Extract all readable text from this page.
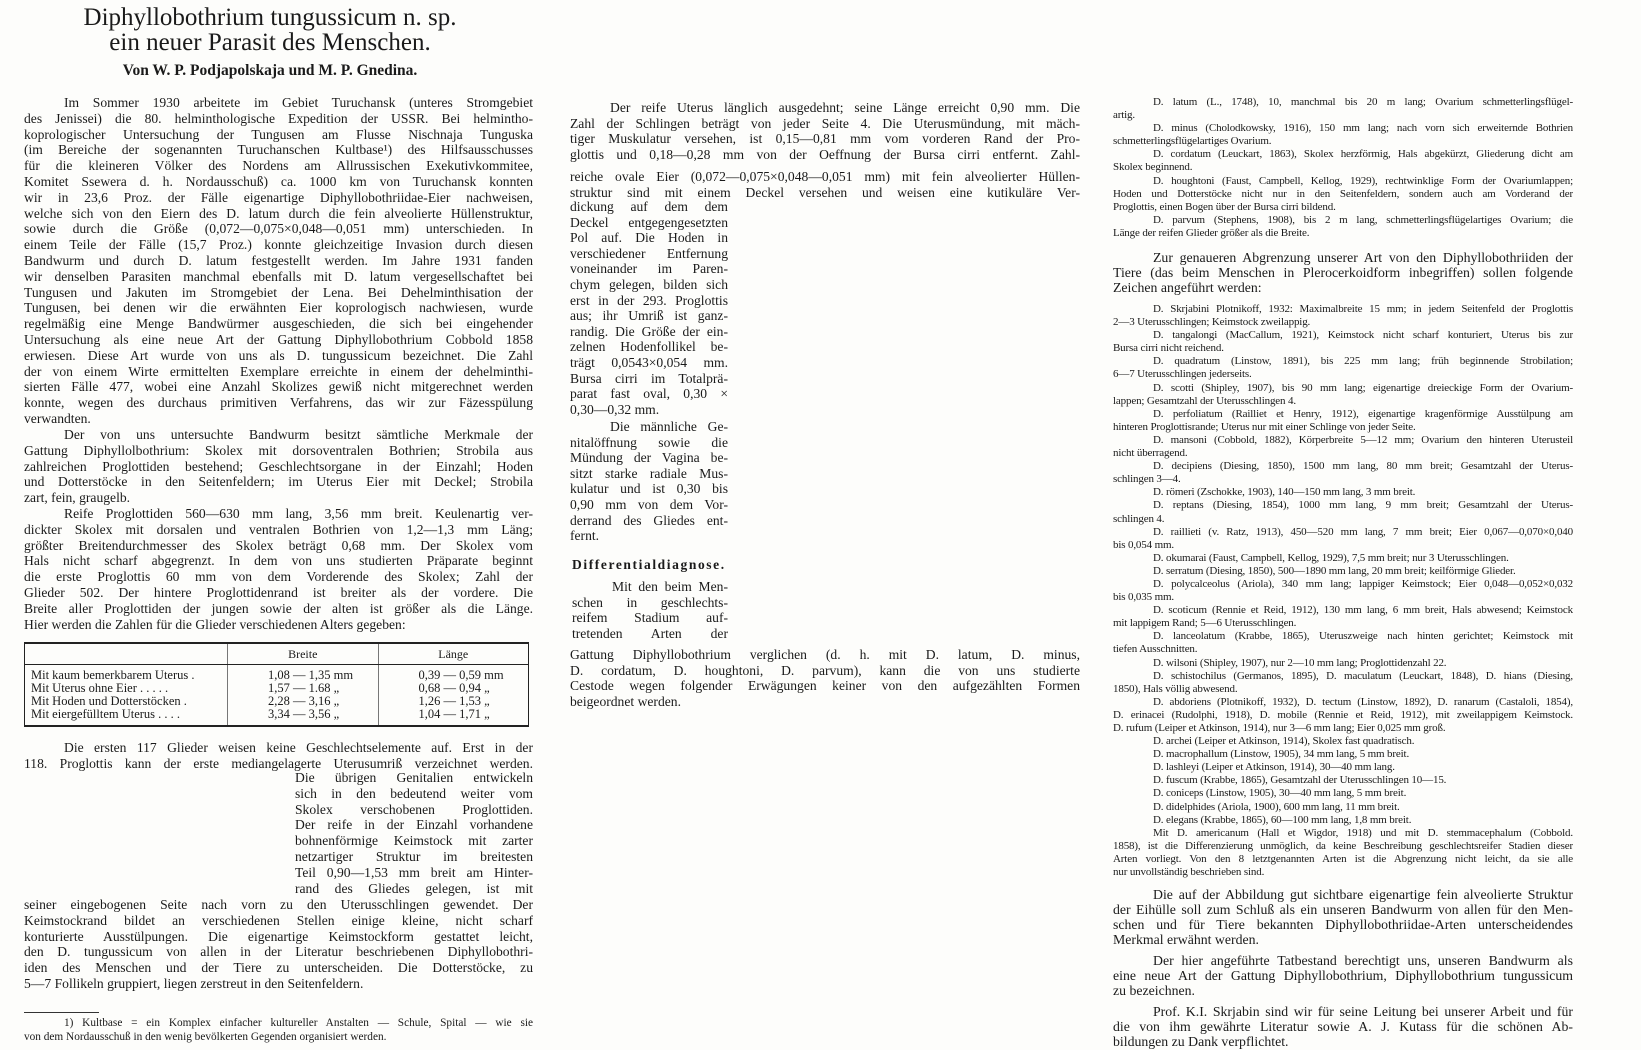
Diphyllobothrium tungussicum n. sp.
ein neuer Parasit des Menschen.
Von W. P. Podjapolskaja und M. P. Gnedina.
Im Sommer 1930 arbeitete im Gebiet Turuchansk (unteres Stromgebiet
des Jenissei) die 80. helminthologische Expedition der USSR. Bei helmintho-
koprologischer Untersuchung der Tungusen am Flusse Nischnaja Tunguska
(im Bereiche der sogenannten Turuchanschen Kultbase¹) des Hilfsausschusses
für die kleineren Völker des Nordens am Allrussischen Exekutivkommitee,
Komitet Ssewera d. h. Nordausschuß) ca. 1000 km von Turuchansk konnten
wir in 23,6 Proz. der Fälle eigenartige Diphyllobothriidae-Eier nachweisen,
welche sich von den Eiern des D. latum durch die fein alveolierte Hüllenstruktur,
sowie durch die Größe (0,072—0,075×0,048—0,051 mm) unterschieden. In
einem Teile der Fälle (15,7 Proz.) konnte gleichzeitige Invasion durch diesen
Bandwurm und durch D. latum festgestellt werden. Im Jahre 1931 fanden
wir denselben Parasiten manchmal ebenfalls mit D. latum vergesellschaftet bei
Tungusen und Jakuten im Stromgebiet der Lena. Bei Dehelminthisation der
Tungusen, bei denen wir die erwähnten Eier koprologisch nachwiesen, wurde
regelmäßig eine Menge Bandwürmer ausgeschieden, die sich bei eingehender
Untersuchung als eine neue Art der Gattung Diphyllobothrium Cobbold 1858
erwiesen. Diese Art wurde von uns als D. tungussicum bezeichnet. Die Zahl
der von einem Wirte ermittelten Exemplare erreichte in einem der dehelminthi-
sierten Fälle 477, wobei eine Anzahl Skolizes gewiß nicht mitgerechnet werden
konnte, wegen des durchaus primitiven Verfahrens, das wir zur Fäzesspülung
verwandten.
Der von uns untersuchte Bandwurm besitzt sämtliche Merkmale der
Gattung Diphyllolbothrium: Skolex mit dorsoventralen Bothrien; Strobila aus
zahlreichen Proglottiden bestehend; Geschlechtsorgane in der Einzahl; Hoden
und Dotterstöcke in den Seitenfeldern; im Uterus Eier mit Deckel; Strobila
zart, fein, graugelb.
Reife Proglottiden 560—630 mm lang, 3,56 mm breit. Keulenartig ver-
dickter Skolex mit dorsalen und ventralen Bothrien von 1,2—1,3 mm Läng;
größter Breitendurchmesser des Skolex beträgt 0,68 mm. Der Skolex vom
Hals nicht scharf abgegrenzt. In dem von uns studierten Präparate beginnt
die erste Proglottis 60 mm von dem Vorderende des Skolex; Zahl der
Glieder 502. Der hintere Proglottidenrand ist breiter als der vordere. Die
Breite aller Proglottiden der jungen sowie der alten ist größer als die Länge.
Hier werden die Zahlen für die Glieder verschiedenen Alters gegeben:
	Breite	Länge
Mit kaum bemerkbarem Uterus .	1,08 — 1,35 mm	0,39 — 0,59 mm
Mit Uterus ohne Eier . . . . .	1,57 — 1.68 „	0,68 — 0,94 „
Mit Hoden und Dotterstöcken .	2,28 — 3,16 „	1,26 — 1,53 „
Mit eiergefülltem Uterus . . . .	3,34 — 3,56 „	1,04 — 1,71 „
Die ersten 117 Glieder weisen keine Geschlechtselemente auf. Erst in der
118. Proglottis kann der erste mediangelagerte Uterusumriß verzeichnet werden.
Die übrigen Genitalien entwickeln
sich in den bedeutend weiter vom
Skolex verschobenen Proglottiden.
Der reife in der Einzahl vorhandene
bohnenförmige Keimstock mit zarter
netzartiger Struktur im breitesten
Teil 0,90—1,53 mm breit am Hinter-
rand des Gliedes gelegen, ist mit
seiner eingebogenen Seite nach vorn zu den Uterusschlingen gewendet. Der
Keimstockrand bildet an verschiedenen Stellen einige kleine, nicht scharf
konturierte Ausstülpungen. Die eigenartige Keimstockform gestattet leicht,
den D. tungussicum von allen in der Literatur beschriebenen Diphyllobothri-
iden des Menschen und der Tiere zu unterscheiden. Die Dotterstöcke, zu
5—7 Follikeln gruppiert, liegen zerstreut in den Seitenfeldern.
1) Kultbase = ein Komplex einfacher kultureller Anstalten — Schule, Spital — wie sie
von dem Nordausschuß in den wenig bevölkerten Gegenden organisiert werden.
Der reife Uterus länglich ausgedehnt; seine Länge erreicht 0,90 mm. Die
Zahl der Schlingen beträgt von jeder Seite 4. Die Uterusmündung, mit mäch-
tiger Muskulatur versehen, ist 0,15—0,81 mm vom vorderen Rand der Pro-
glottis und 0,18—0,28 mm von der Oeffnung der Bursa cirri entfernt. Zahl-
reiche ovale Eier (0,072—0,075×0,048—0,051 mm) mit fein alveolierter Hüllen-
struktur sind mit einem Deckel versehen und weisen eine kutikuläre Ver-
dickung auf dem dem
Deckel entgegengesetzten
Pol auf. Die Hoden in
verschiedener Entfernung
voneinander im Paren-
chym gelegen, bilden sich
erst in der 293. Proglottis
aus; ihr Umriß ist ganz-
randig. Die Größe der ein-
zelnen Hodenfollikel be-
trägt 0,0543×0,054 mm.
Bursa cirri im Totalprä-
parat fast oval, 0,30 ×
0,30—0,32 mm.
Die männliche Ge-
nitalöffnung sowie die
Mündung der Vagina be-
sitzt starke radiale Mus-
kulatur und ist 0,30 bis
0,90 mm von dem Vor-
derrand des Gliedes ent-
fernt.
Differentialdiagnose.
Mit den beim Men-
schen in geschlechts-
reifem Stadium auf-
tretenden Arten der
Gattung Diphyllobothrium verglichen (d. h. mit D. latum, D. minus,
D. cordatum, D. houghtoni, D. parvum), kann die von uns studierte
Cestode wegen folgender Erwägungen keiner von den aufgezählten Formen
beigeordnet werden.
D. latum (L., 1748), 10, manchmal bis 20 m lang; Ovarium schmetterlingsflügel-
artig.
D. minus (Cholodkowsky, 1916), 150 mm lang; nach vorn sich erweiternde Bothrien
schmetterlingsflügelartiges Ovarium.
D. cordatum (Leuckart, 1863), Skolex herzförmig, Hals abgekürzt, Gliederung dicht am
Skolex beginnend.
D. houghtoni (Faust, Campbell, Kellog, 1929), rechtwinklige Form der Ovariumlappen;
Hoden und Dotterstöcke nicht nur in den Seitenfeldern, sondern auch am Vorderand der
Proglottis, einen Bogen über der Bursa cirri bildend.
D. parvum (Stephens, 1908), bis 2 m lang, schmetterlingsflügelartiges Ovarium; die
Länge der reifen Glieder größer als die Breite.
Zur genaueren Abgrenzung unserer Art von den Diphyllobothriiden der
Tiere (das beim Menschen in Plerocerkoidform inbegriffen) sollen folgende
Zeichen angeführt werden:
D. Skrjabini Plotnikoff, 1932: Maximalbreite 15 mm; in jedem Seitenfeld der Proglottis
2—3 Uterusschlingen; Keimstock zweilappig.
D. tangalongi (MacCallum, 1921), Keimstock nicht scharf konturiert, Uterus bis zur
Bursa cirri nicht reichend.
D. quadratum (Linstow, 1891), bis 225 mm lang; früh beginnende Strobilation;
6—7 Uterusschlingen jederseits.
D. scotti (Shipley, 1907), bis 90 mm lang; eigenartige dreieckige Form der Ovarium-
lappen; Gesamtzahl der Uterusschlingen 4.
D. perfoliatum (Railliet et Henry, 1912), eigenartige kragenförmige Ausstülpung am
hinteren Proglottisrande; Uterus nur mit einer Schlinge von jeder Seite.
D. mansoni (Cobbold, 1882), Körperbreite 5—12 mm; Ovarium den hinteren Uterusteil
nicht überragend.
D. decipiens (Diesing, 1850), 1500 mm lang, 80 mm breit; Gesamtzahl der Uterus-
schlingen 3—4.
D. römeri (Zschokke, 1903), 140—150 mm lang, 3 mm breit.
D. reptans (Diesing, 1854), 1000 mm lang, 9 mm breit; Gesamtzahl der Uterus-
schlingen 4.
D. raillieti (v. Ratz, 1913), 450—520 mm lang, 7 mm breit; Eier 0,067—0,070×0,040
bis 0,054 mm.
D. okumarai (Faust, Campbell, Kellog, 1929), 7,5 mm breit; nur 3 Uterusschlingen.
D. serratum (Diesing, 1850), 500—1890 mm lang, 20 mm breit; keilförmige Glieder.
D. polycalceolus (Ariola), 340 mm lang; lappiger Keimstock; Eier 0,048—0,052×0,032
bis 0,035 mm.
D. scoticum (Rennie et Reid, 1912), 130 mm lang, 6 mm breit, Hals abwesend; Keimstock
mit lappigem Rand; 5—6 Uterusschlingen.
D. lanceolatum (Krabbe, 1865), Uteruszweige nach hinten gerichtet; Keimstock mit
tiefen Ausschnitten.
D. wilsoni (Shipley, 1907), nur 2—10 mm lang; Proglottidenzahl 22.
D. schistochilus (Germanos, 1895), D. maculatum (Leuckart, 1848), D. hians (Diesing,
1850), Hals völlig abwesend.
D. abdoriens (Plotnikoff, 1932), D. tectum (Linstow, 1892), D. ranarum (Castaloli, 1854),
D. erinacei (Rudolphi, 1918), D. mobile (Rennie et Reid, 1912), mit zweilappigem Keimstock.
D. rufum (Leiper et Atkinson, 1914), nur 3—6 mm lang; Eier 0,025 mm groß.
D. archei (Leiper et Atkinson, 1914), Skolex fast quadratisch.
D. macrophallum (Linstow, 1905), 34 mm lang, 5 mm breit.
D. lashleyi (Leiper et Atkinson, 1914), 30—40 mm lang.
D. fuscum (Krabbe, 1865), Gesamtzahl der Uterusschlingen 10—15.
D. coniceps (Linstow, 1905), 30—40 mm lang, 5 mm breit.
D. didelphides (Ariola, 1900), 600 mm lang, 11 mm breit.
D. elegans (Krabbe, 1865), 60—100 mm lang, 1,8 mm breit.
Mit D. americanum (Hall et Wigdor, 1918) und mit D. stemmacephalum (Cobbold.
1858), ist die Differenzierung unmöglich, da keine Beschreibung geschlechtsreifer Stadien dieser
Arten vorliegt. Von den 8 letztgenannten Arten ist die Abgrenzung nicht leicht, da sie alle
nur unvollständig beschrieben sind.
Die auf der Abbildung gut sichtbare eigenartige fein alveolierte Struktur
der Eihülle soll zum Schluß als ein unseren Bandwurm von allen für den Men-
schen und für Tiere bekannten Diphyllobothriidae-Arten unterscheidendes
Merkmal erwähnt werden.
Der hier angeführte Tatbestand berechtigt uns, unseren Bandwurm als
eine neue Art der Gattung Diphyllobothrium, Diphyllobothrium tungussicum
zu bezeichnen.
Prof. K.I. Skrjabin sind wir für seine Leitung bei unserer Arbeit und für
die von ihm gewährte Literatur sowie A. J. Kutass für die schönen Ab-
bildungen zu Dank verpflichtet.
